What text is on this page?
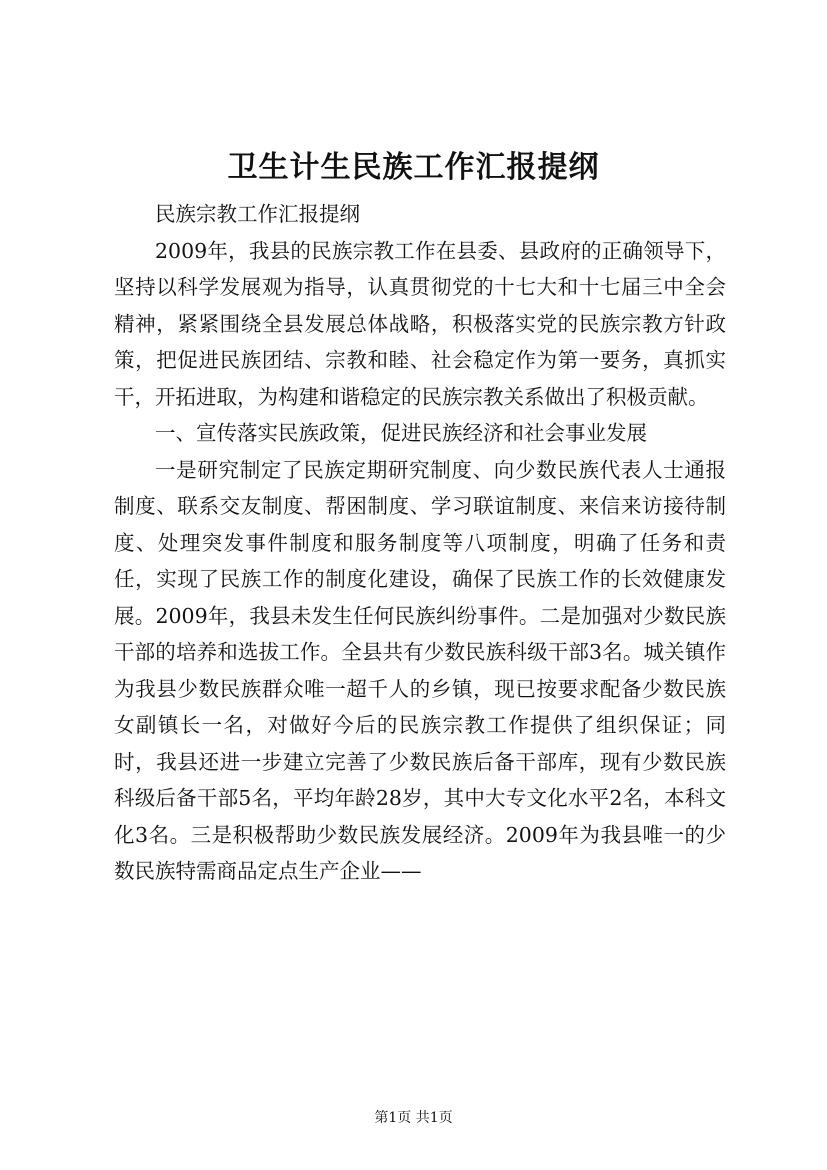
卫生计生民族工作汇报提纲

民族宗教工作汇报提纲

2009年，我县的民族宗教工作在县委、县政府的正确领导下，坚持以科学发展观为指导，认真贯彻党的十七大和十七届三中全会精神，紧紧围绕全县发展总体战略，积极落实党的民族宗教方针政策，把促进民族团结、宗教和睦、社会稳定作为第一要务，真抓实干，开拓进取，为构建和谐稳定的民族宗教关系做出了积极贡献。

一、宣传落实民族政策，促进民族经济和社会事业发展

一是研究制定了民族定期研究制度、向少数民族代表人士通报制度、联系交友制度、帮困制度、学习联谊制度、来信来访接待制度、处理突发事件制度和服务制度等八项制度，明确了任务和责任，实现了民族工作的制度化建设，确保了民族工作的长效健康发展。2009年，我县未发生任何民族纠纷事件。二是加强对少数民族干部的培养和选拔工作。全县共有少数民族科级干部3名。城关镇作为我县少数民族群众唯一超千人的乡镇，现已按要求配备少数民族女副镇长一名，对做好今后的民族宗教工作提供了组织保证；同时，我县还进一步建立完善了少数民族后备干部库，现有少数民族科级后备干部5名，平均年龄28岁，其中大专文化水平2名，本科文化3名。三是积极帮助少数民族发展经济。2009年为我县唯一的少数民族特需商品定点生产企业——

第1页 共1页
